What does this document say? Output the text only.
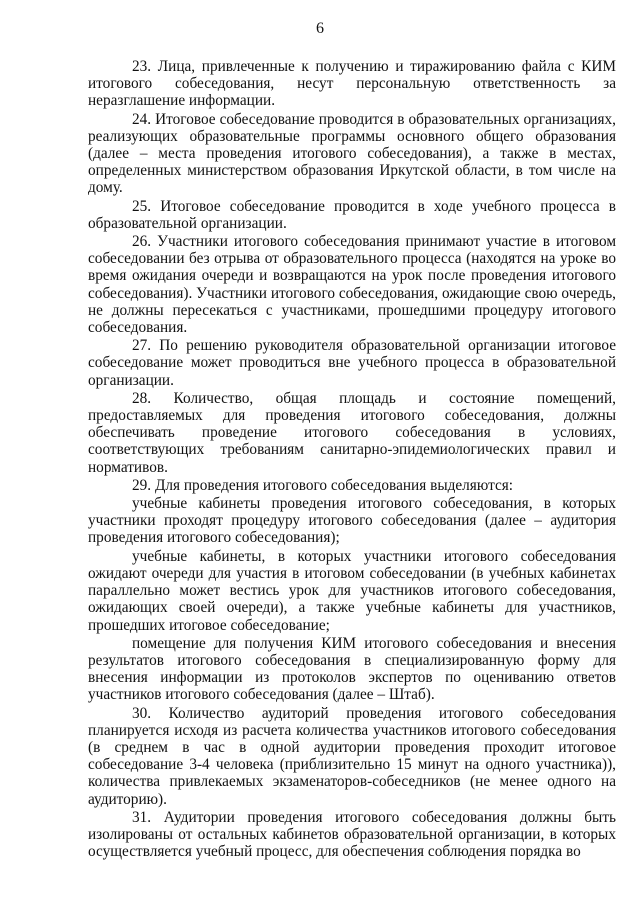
6

23. Лица, привлеченные к получению и тиражированию файла с КИМ итогового собеседования, несут персональную ответственность за неразглашение информации.

24. Итоговое собеседование проводится в образовательных организациях, реализующих образовательные программы основного общего образования (далее – места проведения итогового собеседования), а также в местах, определенных министерством образования Иркутской области, в том числе на дому.

25. Итоговое собеседование проводится в ходе учебного процесса в образовательной организации.

26. Участники итогового собеседования принимают участие в итоговом собеседовании без отрыва от образовательного процесса (находятся на уроке во время ожидания очереди и возвращаются на урок после проведения итогового собеседования). Участники итогового собеседования, ожидающие свою очередь, не должны пересекаться с участниками, прошедшими процедуру итогового собеседования.

27. По решению руководителя образовательной организации итоговое собеседование может проводиться вне учебного процесса в образовательной организации.

28. Количество, общая площадь и состояние помещений, предоставляемых для проведения итогового собеседования, должны обеспечивать проведение итогового собеседования в условиях, соответствующих требованиям санитарно-эпидемиологических правил и нормативов.

29. Для проведения итогового собеседования выделяются:

учебные кабинеты проведения итогового собеседования, в которых участники проходят процедуру итогового собеседования (далее – аудитория проведения итогового собеседования);

учебные кабинеты, в которых участники итогового собеседования ожидают очереди для участия в итоговом собеседовании (в учебных кабинетах параллельно может вестись урок для участников итогового собеседования, ожидающих своей очереди), а также учебные кабинеты для участников, прошедших итоговое собеседование;

помещение для получения КИМ итогового собеседования и внесения результатов итогового собеседования в специализированную форму для внесения информации из протоколов экспертов по оцениванию ответов участников итогового собеседования (далее – Штаб).

30. Количество аудиторий проведения итогового собеседования планируется исходя из расчета количества участников итогового собеседования (в среднем в час в одной аудитории проведения проходит итоговое собеседование 3-4 человека (приблизительно 15 минут на одного участника)), количества привлекаемых экзаменаторов-собеседников (не менее одного на аудиторию).

31. Аудитории проведения итогового собеседования должны быть изолированы от остальных кабинетов образовательной организации, в которых осуществляется учебный процесс, для обеспечения соблюдения порядка во
